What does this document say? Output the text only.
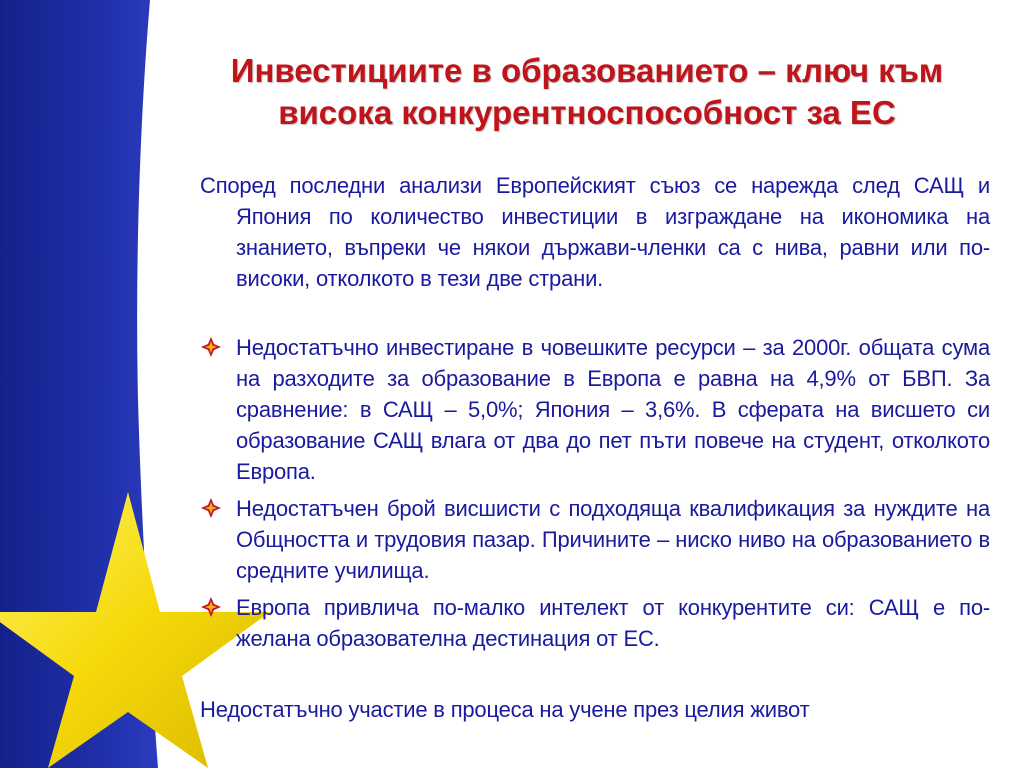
Инвестициите в образованието – ключ към
висока конкурентноспособност за ЕС

Според последни анализи Европейският съюз се нарежда след САЩ и Япония по количество инвестиции в изграждане на икономика на знанието, въпреки че някои държави-членки са с нива, равни или по-високи, отколкото в тези две страни.

Недостатъчно инвестиране в човешките ресурси – за 2000г. общата сума на разходите за образование в Европа е равна на 4,9% от БВП. За сравнение: в САЩ – 5,0%; Япония – 3,6%. В сферата на висшето си образование САЩ влага от два до пет пъти повече на студент, отколкото Европа.
Недостатъчен брой висшисти с подходяща квалификация за нуждите на Общността и трудовия пазар. Причините – ниско ниво на образованието в средните училища.
Европа привлича по-малко интелект от конкурентите си: САЩ е по-желана образователна дестинация от ЕС.

Недостатъчно участие в процеса на учене през целия живот
